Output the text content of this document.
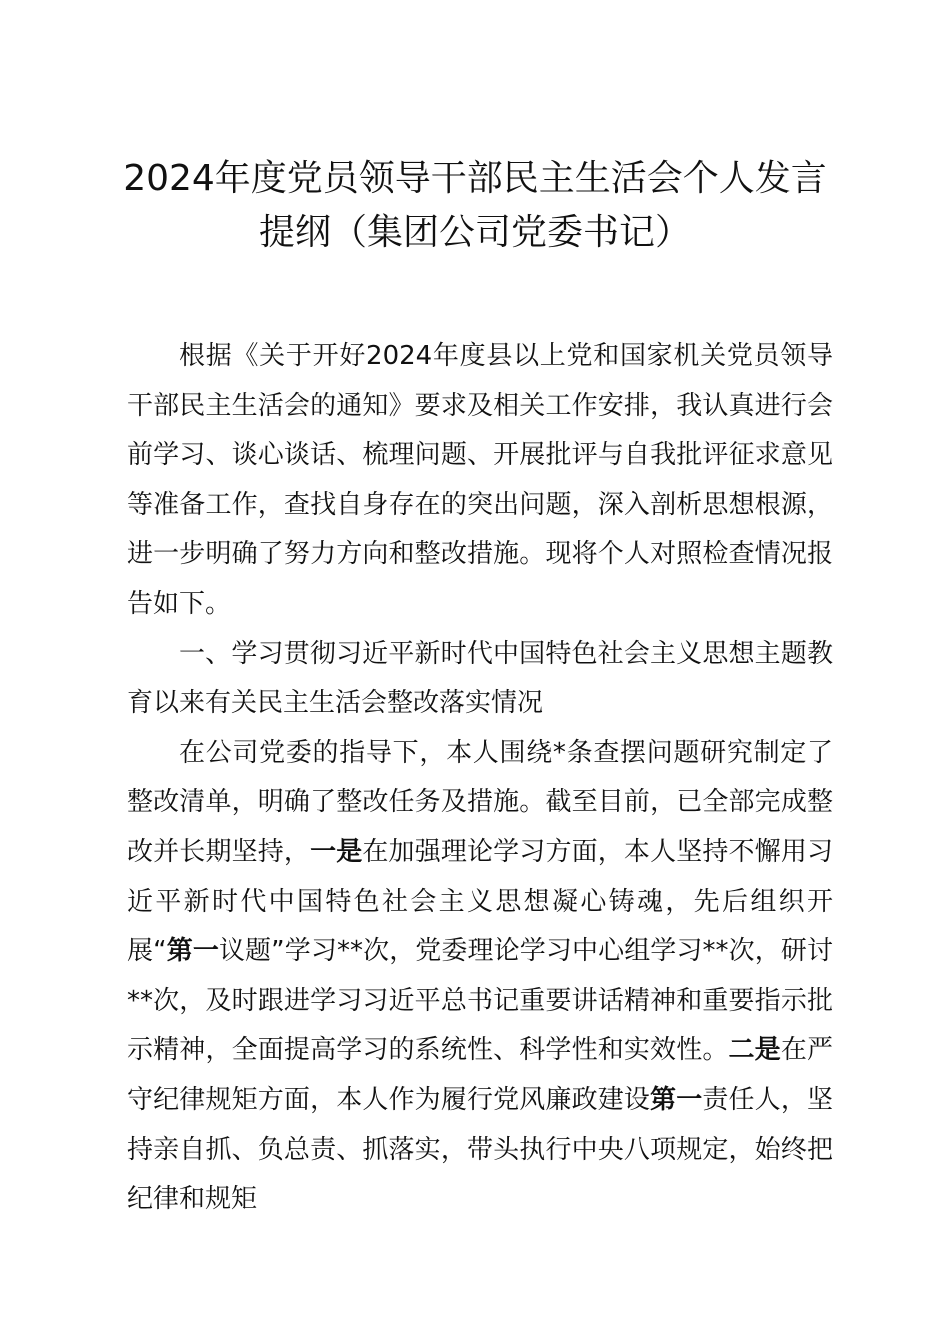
2024年度党员领导干部民主生活会个人发言
提纲（集团公司党委书记）

根据《关于开好2024年度县以上党和国家机关党员领导干部民主生活会的通知》要求及相关工作安排，我认真进行会前学习、谈心谈话、梳理问题、开展批评与自我批评征求意见等准备工作，查找自身存在的突出问题，深入剖析思想根源，进一步明确了努力方向和整改措施。现将个人对照检查情况报告如下。

一、学习贯彻习近平新时代中国特色社会主义思想主题教育以来有关民主生活会整改落实情况

在公司党委的指导下，本人围绕*条查摆问题研究制定了整改清单，明确了整改任务及措施。截至目前，已全部完成整改并长期坚持，一是在加强理论学习方面，本人坚持不懈用习近平新时代中国特色社会主义思想凝心铸魂，先后组织开展“第一议题”学习**次，党委理论学习中心组学习**次，研讨**次，及时跟进学习习近平总书记重要讲话精神和重要指示批示精神，全面提高学习的系统性、科学性和实效性。二是在严守纪律规矩方面，本人作为履行党风廉政建设第一责任人，坚持亲自抓、负总责、抓落实，带头执行中央八项规定，始终把纪律和规矩
